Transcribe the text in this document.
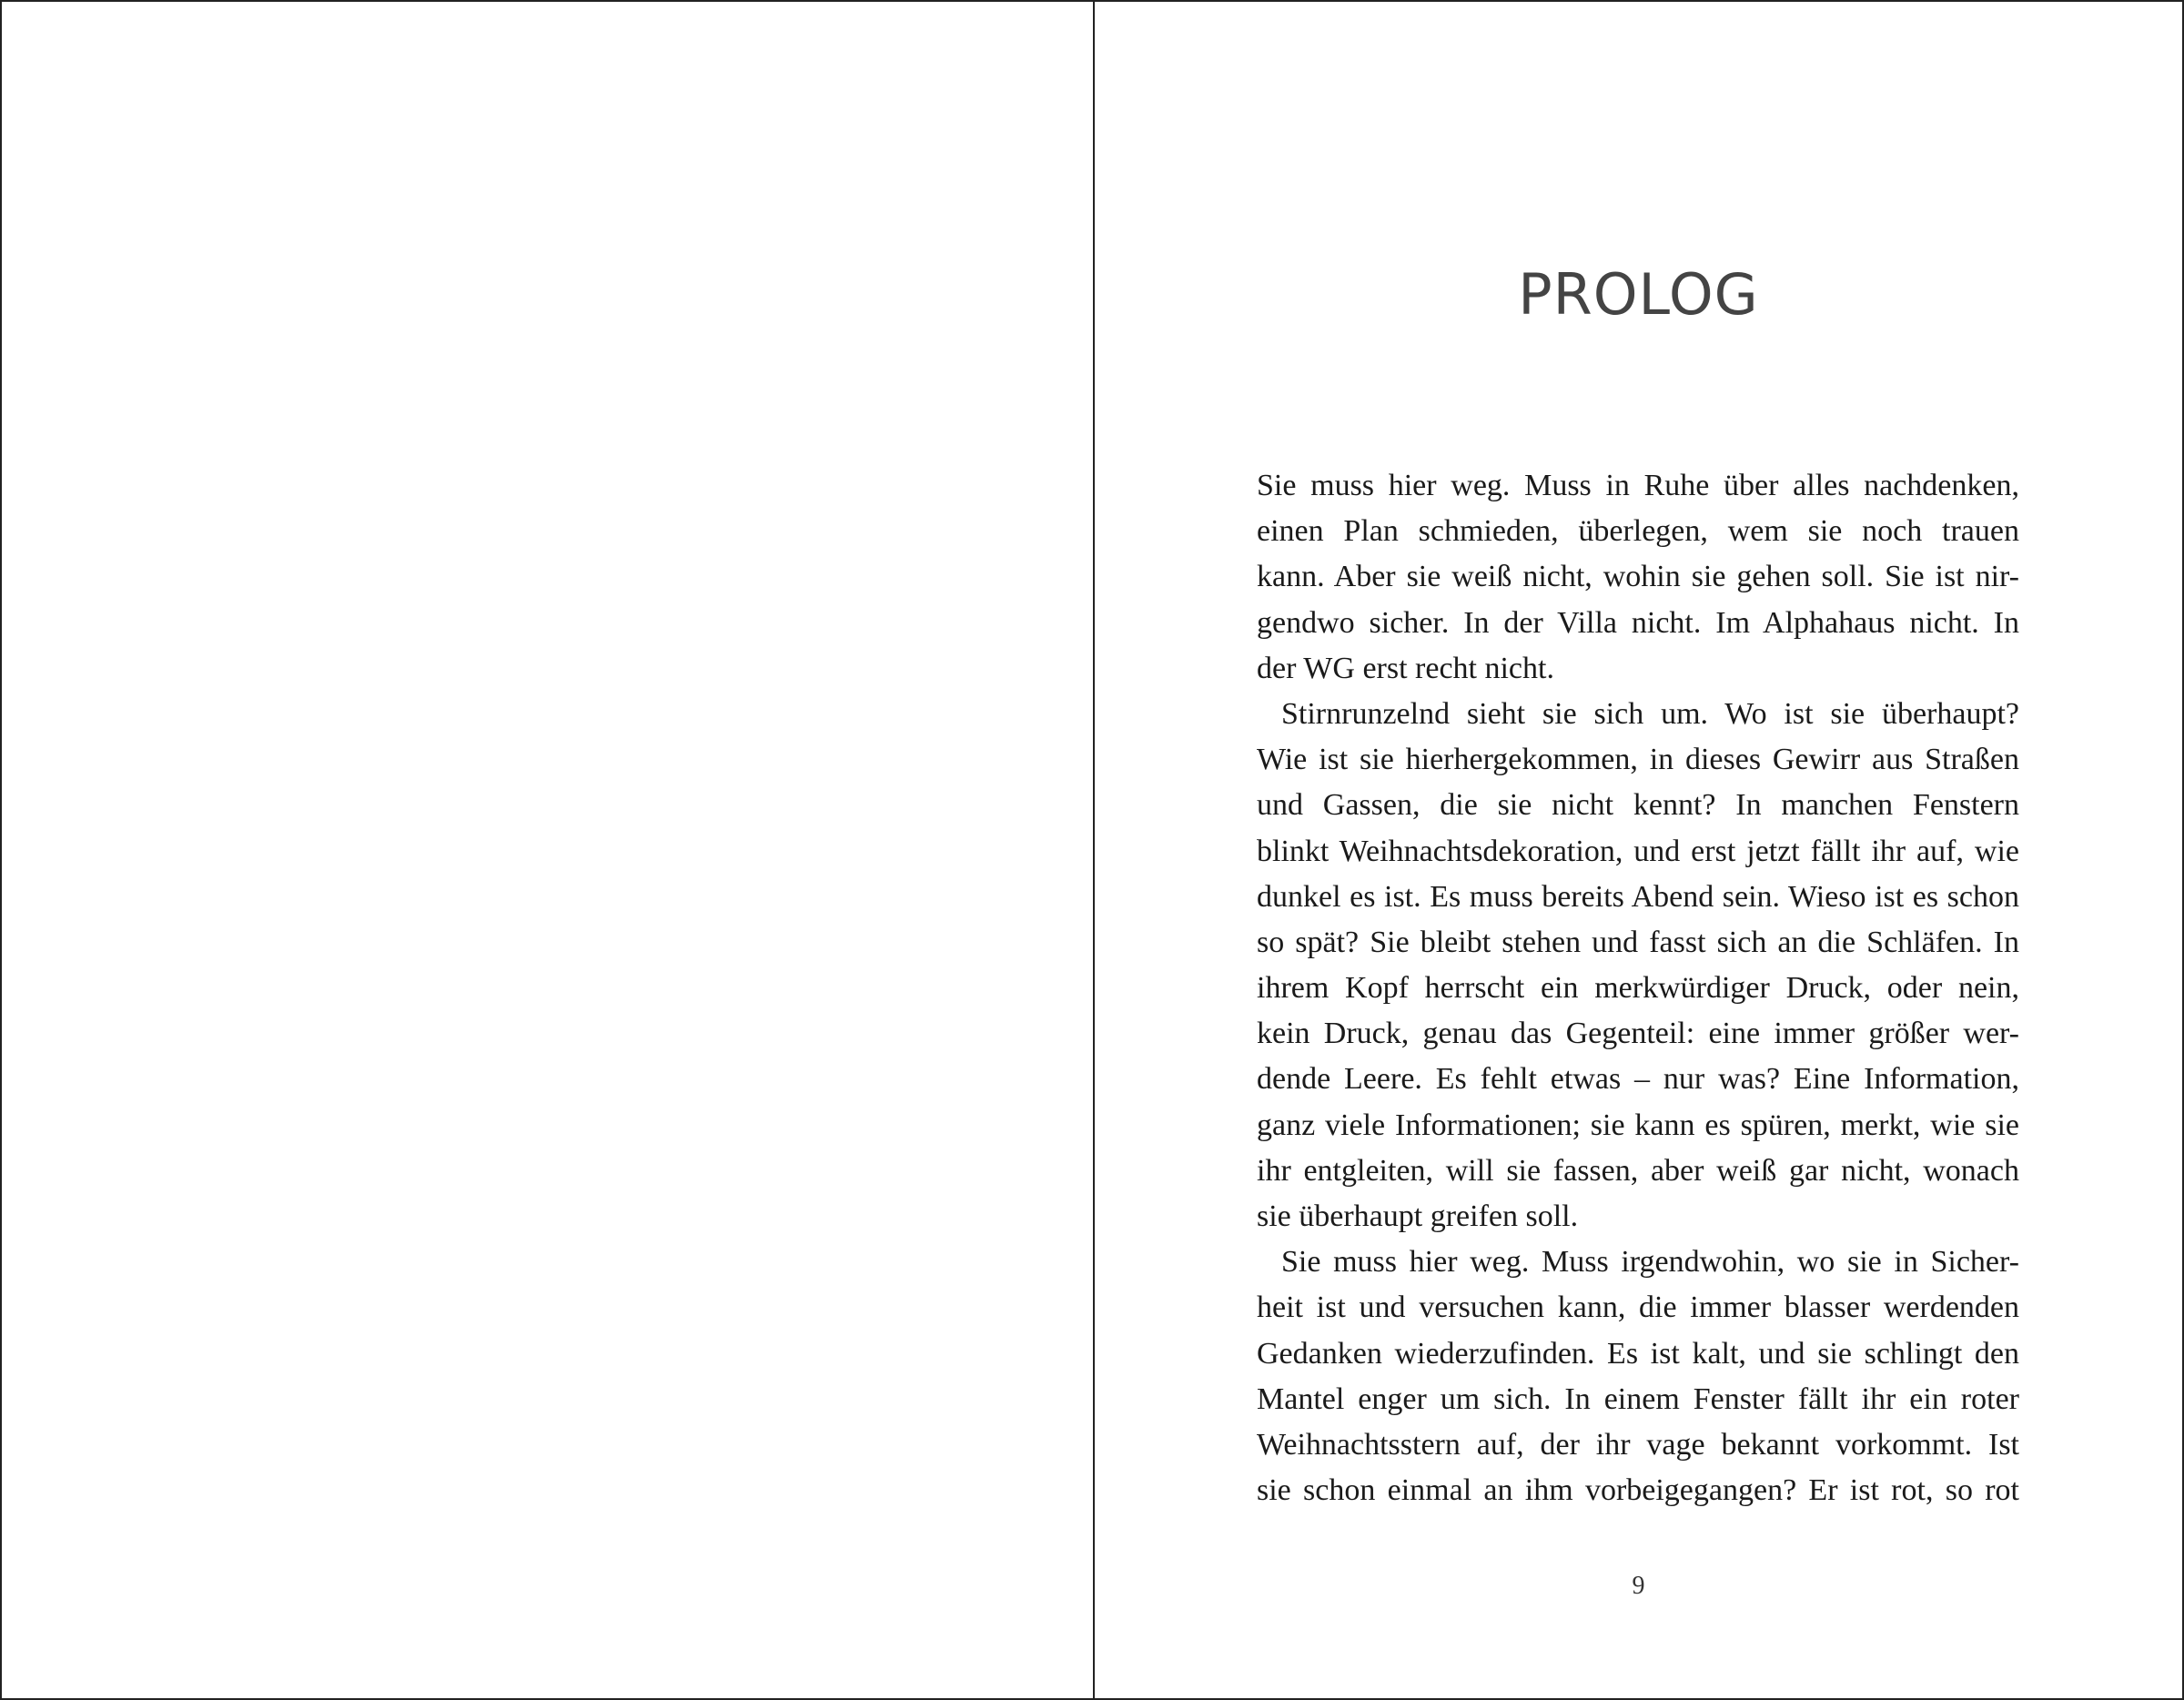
PROLOG
Sie muss hier weg. Muss in Ruhe über alles nachdenken,
einen Plan schmieden, überlegen, wem sie noch trauen
kann. Aber sie weiß nicht, wohin sie gehen soll. Sie ist nir-
gendwo sicher. In der Villa nicht. Im Alphahaus nicht. In
der WG erst recht nicht.
Stirnrunzelnd sieht sie sich um. Wo ist sie überhaupt?
Wie ist sie hierhergekommen, in dieses Gewirr aus Straßen
und Gassen, die sie nicht kennt? In manchen Fenstern
blinkt Weihnachtsdekoration, und erst jetzt fällt ihr auf, wie
dunkel es ist. Es muss bereits Abend sein. Wieso ist es schon
so spät? Sie bleibt stehen und fasst sich an die Schläfen. In
ihrem Kopf herrscht ein merkwürdiger Druck, oder nein,
kein Druck, genau das Gegenteil: eine immer größer wer-
dende Leere. Es fehlt etwas – nur was? Eine Information,
ganz viele Informationen; sie kann es spüren, merkt, wie sie
ihr entgleiten, will sie fassen, aber weiß gar nicht, wonach
sie überhaupt greifen soll.
Sie muss hier weg. Muss irgendwohin, wo sie in Sicher-
heit ist und versuchen kann, die immer blasser werdenden
Gedanken wiederzufinden. Es ist kalt, und sie schlingt den
Mantel enger um sich. In einem Fenster fällt ihr ein roter
Weihnachtsstern auf, der ihr vage bekannt vorkommt. Ist
sie schon einmal an ihm vorbeigegangen? Er ist rot, so rot
9
